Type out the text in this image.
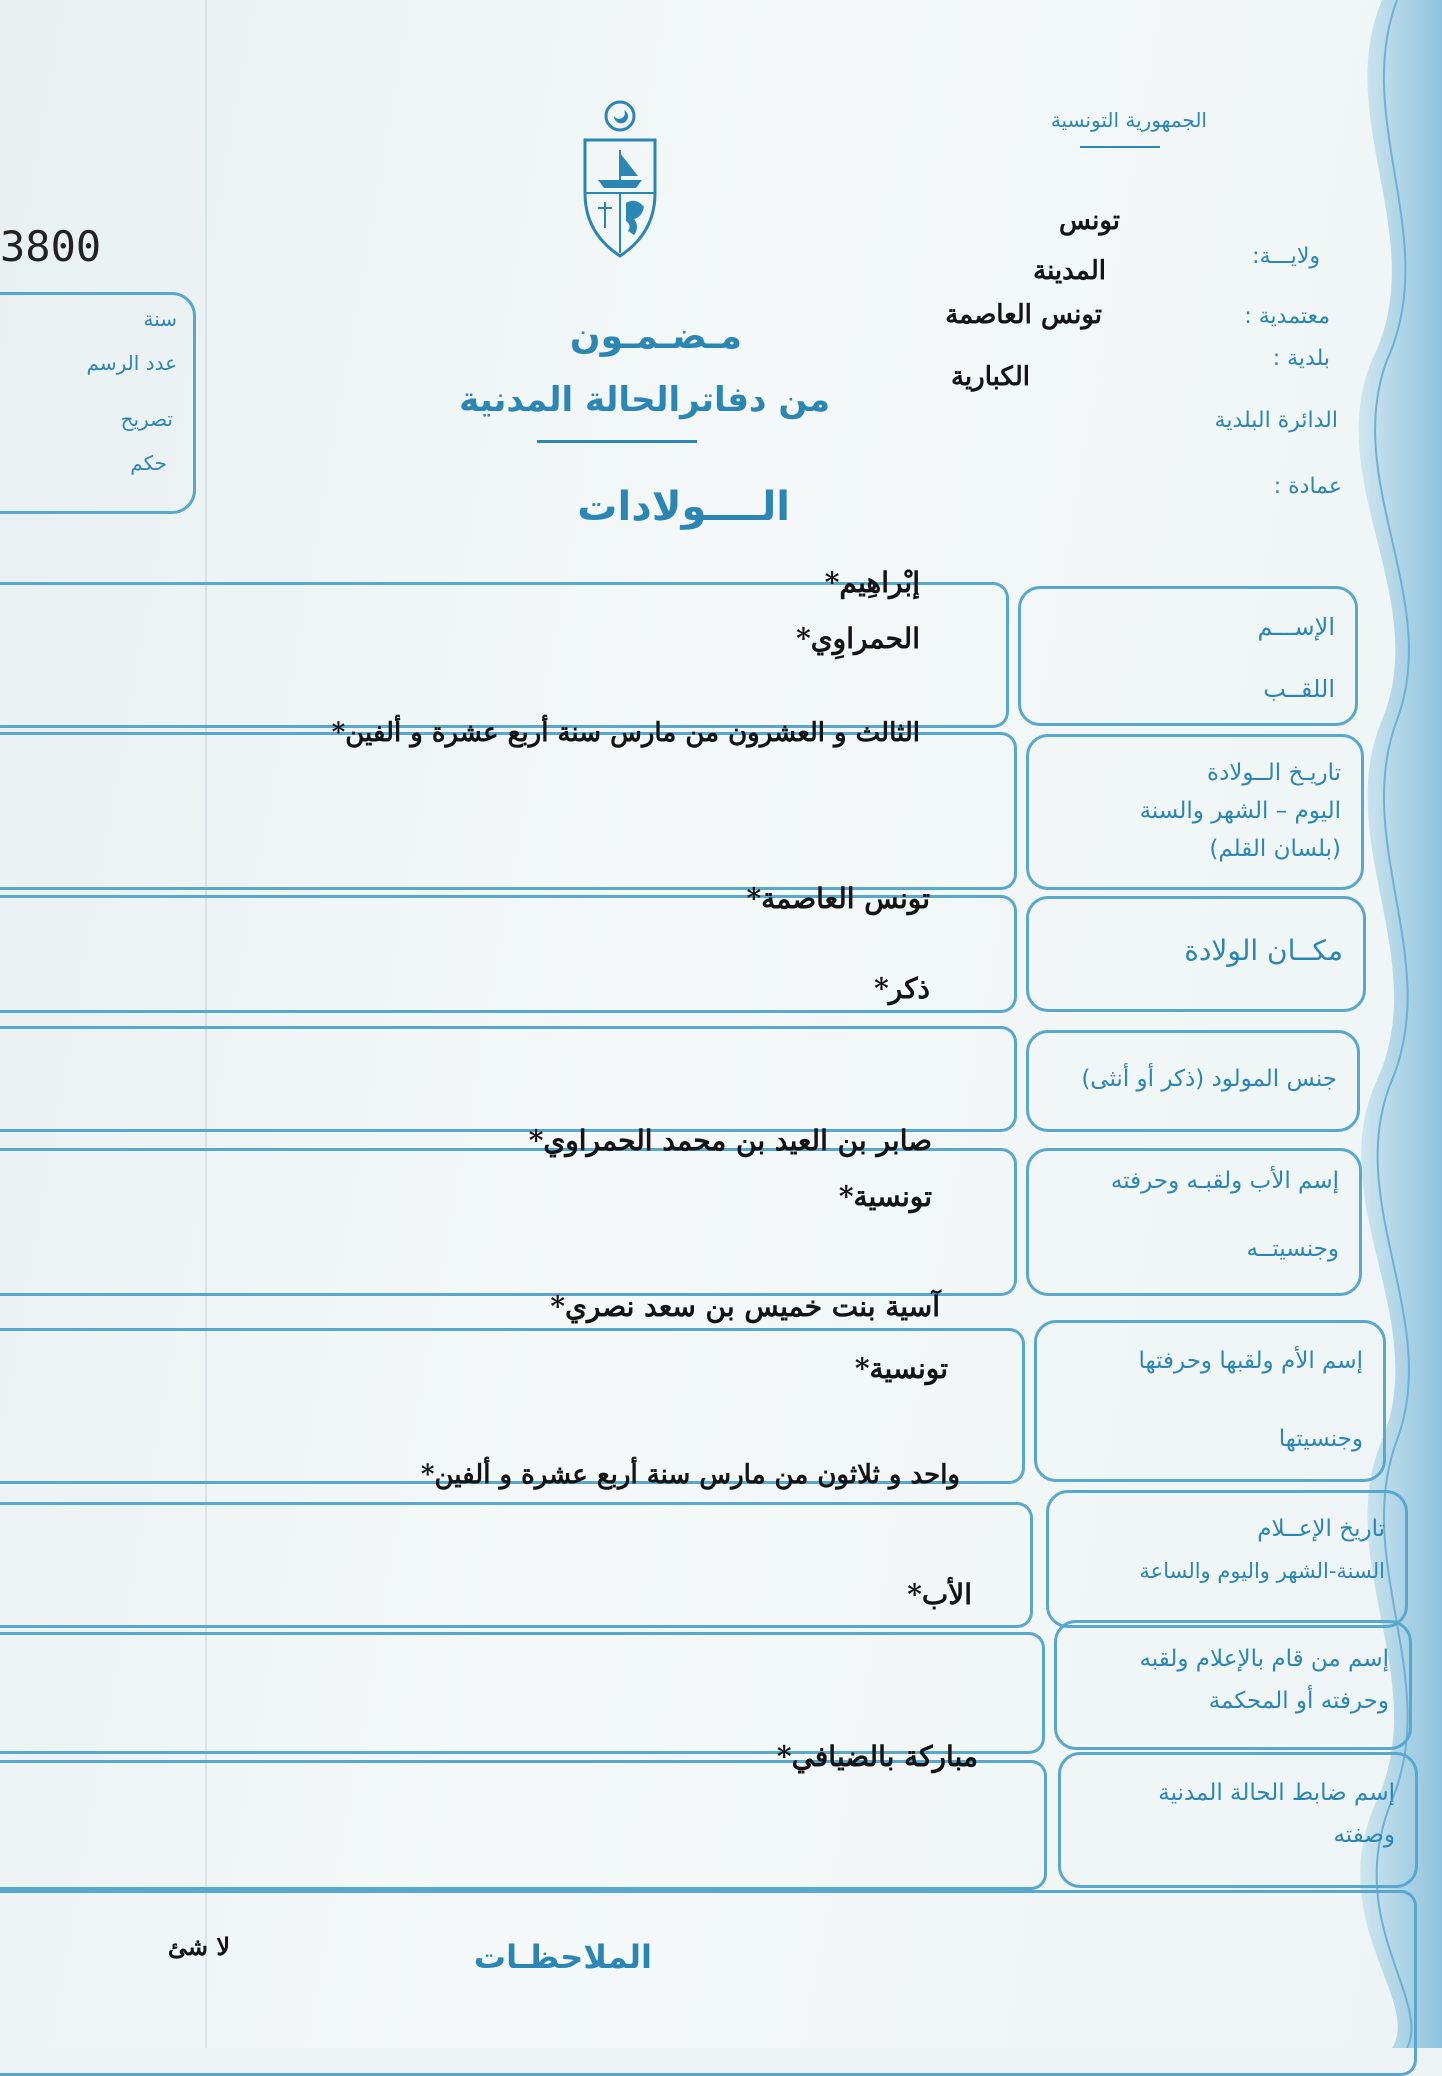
الجمهورية التونسية
ولايـــة:
تونس
معتمدية :
المدينة
بلدية :
تونس العاصمة
الدائرة البلدية
الكبارية
عمادة :
3800
سنة
عدد الرسم
تصريح
حكم
مـضـمـون
من دفاترالحالة المدنية
الــــولادات
الإســـم
اللقــب
إبْراهِيم*
الحمراوِي*
تاريـخ الــولادة
اليوم – الشهر والسنة
(بلسان القلم)
الثالث و العشرون من مارس سنة أربع عشرة و ألفين*
مكــان الولادة
تونس العاصمة*
ذكر*
جنس المولود (ذكر أو أنثى)
إسم الأب ولقبـه وحرفته
وجنسيتــه
صابر بن العيد بن محمد الحمراوي*
تونسية*
إسم الأم ولقبها وحرفتها
وجنسيتها
آسية بنت خميس بن سعد نصري*
تونسية*
تاريخ الإعــلام
السنة-الشهر واليوم والساعة
واحد و ثلاثون من مارس سنة أربع عشرة و ألفين*
الأب*
إسم من قام بالإعلام ولقبه
وحرفته أو المحكمة
إسم ضابط الحالة المدنية
وصفته
مباركة بالضيافي*
الملاحظـات
لا شئ
